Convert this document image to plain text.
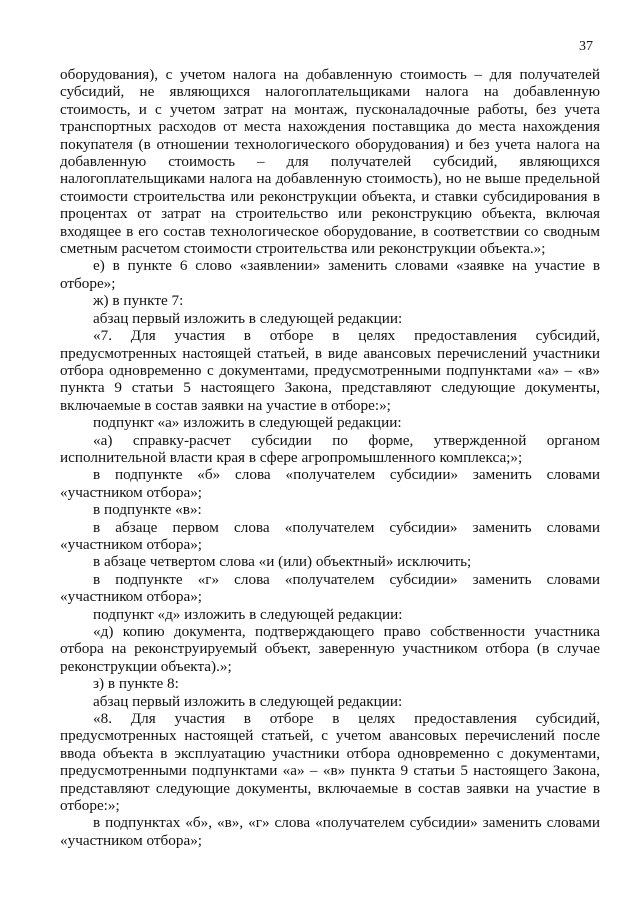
37

оборудования), с учетом налога на добавленную стоимость – для получателей субсидий, не являющихся налогоплательщиками налога на добавленную стоимость, и с учетом затрат на монтаж, пусконаладочные работы, без учета транспортных расходов от места нахождения поставщика до места нахождения покупателя (в отношении технологического оборудования) и без учета налога на добавленную стоимость – для получателей субсидий, являющихся налогоплательщиками налога на добавленную стоимость), но не выше предельной стоимости строительства или реконструкции объекта, и ставки субсидирования в процентах от затрат на строительство или реконструкцию объекта, включая входящее в его состав технологическое оборудование, в соответствии со сводным сметным расчетом стоимости строительства или реконструкции объекта.»;

е) в пункте 6 слово «заявлении» заменить словами «заявке на участие в отборе»;

ж) в пункте 7:

абзац первый изложить в следующей редакции:

«7. Для участия в отборе в целях предоставления субсидий, предусмотренных настоящей статьей, в виде авансовых перечислений участники отбора одновременно с документами, предусмотренными подпунктами «а» – «в» пункта 9 статьи 5 настоящего Закона, представляют следующие документы, включаемые в состав заявки на участие в отборе:»;

подпункт «а» изложить в следующей редакции:

«а) справку-расчет субсидии по форме, утвержденной органом исполнительной власти края в сфере агропромышленного комплекса;»;

в подпункте «б» слова «получателем субсидии» заменить словами «участником отбора»;

в подпункте «в»:

в абзаце первом слова «получателем субсидии» заменить словами «участником отбора»;

в абзаце четвертом слова «и (или) объектный» исключить;

в подпункте «г» слова «получателем субсидии» заменить словами «участником отбора»;

подпункт «д» изложить в следующей редакции:

«д) копию документа, подтверждающего право собственности участника отбора на реконструируемый объект, заверенную участником отбора (в случае реконструкции объекта).»;

з) в пункте 8:

абзац первый изложить в следующей редакции:

«8. Для участия в отборе в целях предоставления субсидий, предусмотренных настоящей статьей, с учетом авансовых перечислений после ввода объекта в эксплуатацию участники отбора одновременно с документами, предусмотренными подпунктами «а» – «в» пункта 9 статьи 5 настоящего Закона, представляют следующие документы, включаемые в состав заявки на участие в отборе:»;

в подпунктах «б», «в», «г» слова «получателем субсидии» заменить словами «участником отбора»;
